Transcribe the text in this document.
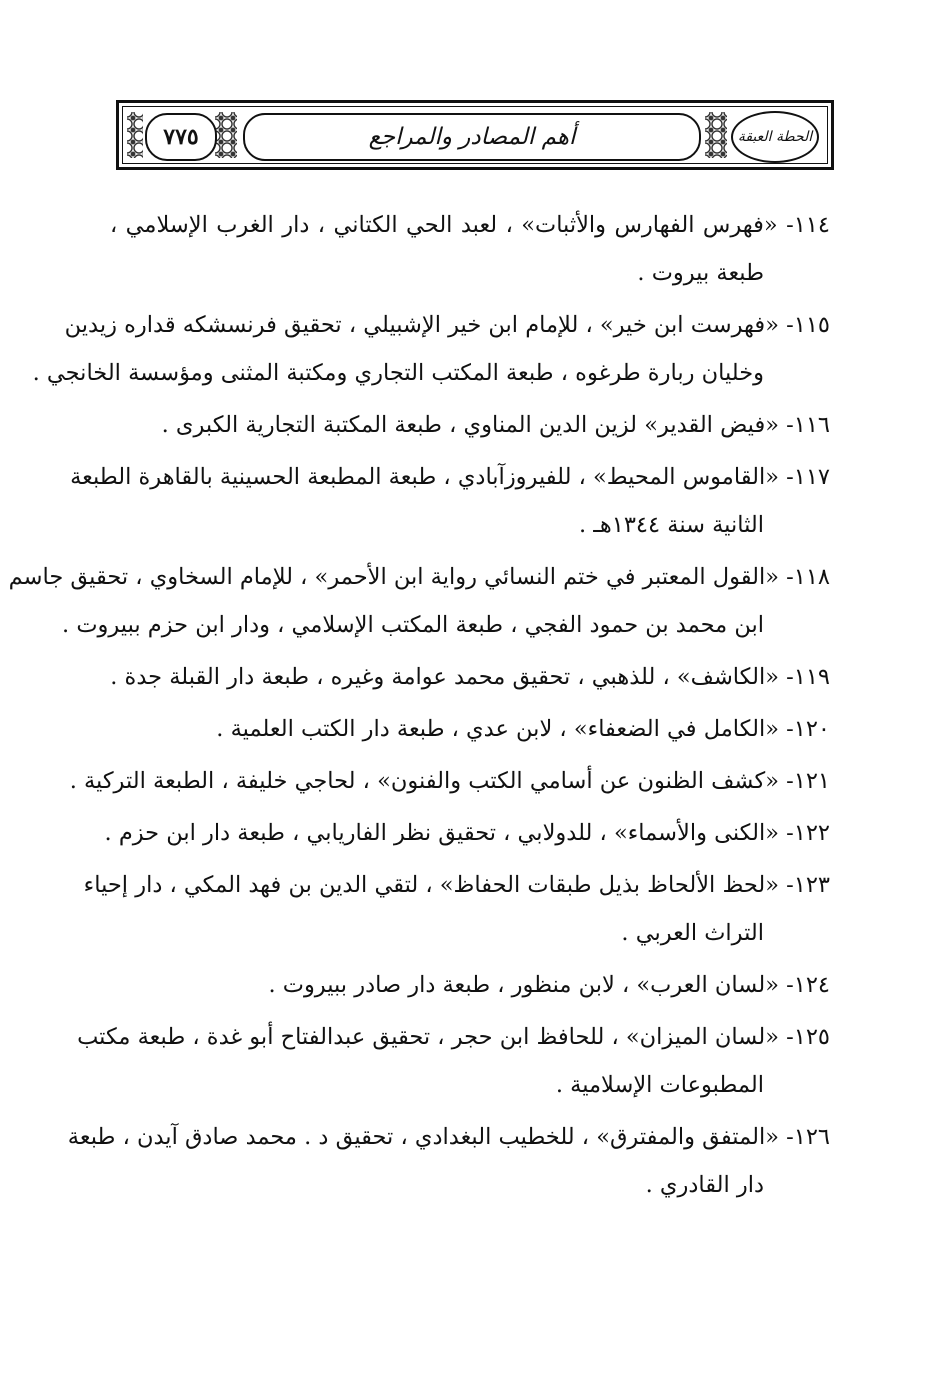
٧٧٥	أهم المصادر والمراجع	الحطة العبقة
١١٤- «فهرس الفهارس والأثبات» ، لعبد الحي الكتاني ، دار الغرب الإسلامي ،
طبعة بيروت .
١١٥- «فهرست ابن خير» ، للإمام ابن خير الإشبيلي ، تحقيق فرنسشكه قداره زيدين
وخليان ربارة طرغوه ، طبعة المكتب التجاري ومكتبة المثنى ومؤسسة الخانجي .
١١٦- «فيض القدير» لزين الدين المناوي ، طبعة المكتبة التجارية الكبرى .
١١٧- «القاموس المحيط» ، للفيروزآبادي ، طبعة المطبعة الحسينية بالقاهرة الطبعة
الثانية سنة ١٣٤٤هـ .
١١٨- «القول المعتبر في ختم النسائي رواية ابن الأحمر» ، للإمام السخاوي ، تحقيق جاسم
ابن محمد بن حمود الفجي ، طبعة المكتب الإسلامي ، ودار ابن حزم ببيروت .
١١٩- «الكاشف» ، للذهبي ، تحقيق محمد عوامة وغيره ، طبعة دار القبلة جدة .
١٢٠- «الكامل في الضعفاء» ، لابن عدي ، طبعة دار الكتب العلمية .
١٢١- «كشف الظنون عن أسامي الكتب والفنون» ، لحاجي خليفة ، الطبعة التركية .
١٢٢- «الكنى والأسماء» ، للدولابي ، تحقيق نظر الفاريابي ، طبعة دار ابن حزم .
١٢٣- «لحظ الألحاظ بذيل طبقات الحفاظ» ، لتقي الدين بن فهد المكي ، دار إحياء
التراث العربي .
١٢٤- «لسان العرب» ، لابن منظور ، طبعة دار صادر ببيروت .
١٢٥- «لسان الميزان» ، للحافظ ابن حجر ، تحقيق عبدالفتاح أبو غدة ، طبعة مكتب
المطبوعات الإسلامية .
١٢٦- «المتفق والمفترق» ، للخطيب البغدادي ، تحقيق د . محمد صادق آيدن ، طبعة
دار القادري .
